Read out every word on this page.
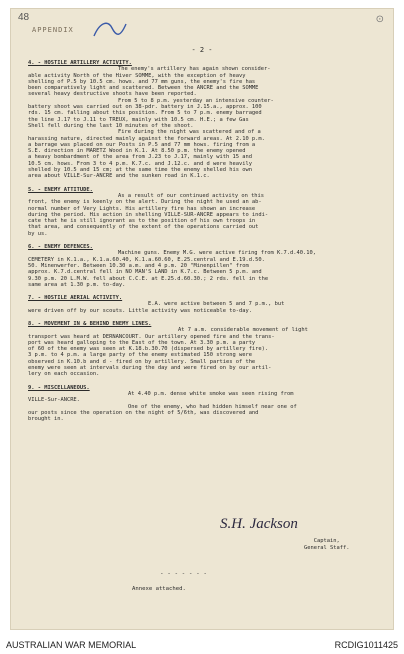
48
APPENDIX
⊙
- 2 -
4. - HOSTILE ARTILLERY ACTIVITY.
The enemy's artillery has again shown consider-
able activity North of the Hiver SOMME, with the exception of heavy
shelling of P.5 by 10.5 cm. hows. and 77 mm guns, the enemy's fire has
been comparatively light and scattered. Between the ANCRE and the SOMME
several heavy destructive shoots have been reported.
From 5 to 8 p.m. yesterday an intensive counter-
battery shoot was carried out on 38-pdr. battery in J.15.a., approx. 100
rds. 15 cm. falling about this position. From 5 to 7 p.m. enemy barraged
the line J.17 to J.11 to TREUX, mainly with 10.5 cm. H.E.; a few Gas
Shell fell during the last 10 minutes of the shoot.
Fire during the night was scattered and of a
harassing nature, directed mainly against the forward areas. At 2.10 p.m.
a barrage was placed on our Posts in P.5 and 77 mm hows. firing from a
S.E. direction in MARETZ Wood in K.1. At 8.50 p.m. the enemy opened
a heavy bombardment of the area from J.23 to J.17, mainly with 15 and
10.5 cm. hows. From 3 to 4 p.m. K.7.c. and J.12.c. and d were heavily
shelled by 10.5 and 15 cm; at the same time the enemy shelled his own
area about VILLE-Sur-ANCRE and the sunken road in K.1.c.
5. - ENEMY ATTITUDE.
As a result of our continued activity on this
front, the enemy is keenly on the alert. During the night he used an ab-
normal number of Very Lights. His artillery fire has shown an increase
during the period. His action in shelling VILLE-SUR-ANCRE appears to indi-
cate that he is still ignorant as to the position of his own troops in
that area, and consequently of the extent of the operations carried out
by us.
6. - ENEMY DEFENCES.
Machine guns. Enemy M.G. were active firing from K.7.d.40.10,
CEMETERY in K.1.a., K.1.a.60.40, K.1.a.60.60, E.25.central and E.19.d.50.
50. Minenwerfer. Between 10.30 a.m. and 4 p.m. 20 "Minenpillen" from
approx. K.7.d.central fell in NO MAN'S LAND in K.7.c. Between 5 p.m. and
9.30 p.m. 20 L.M.W. fell about C.C.E. at E.25.d.60.30.; 2 rds. fell in the
same area at 1.30 p.m. to-day.
7. - HOSTILE AERIAL ACTIVITY.
E.A. were active between 5 and 7 p.m., but
were driven off by our scouts. Little activity was noticeable to-day.
8. - MOVEMENT IN & BEHIND ENEMY LINES.
At 7 a.m. considerable movement of light
transport was heard at DERNANCOURT. Our artillery opened fire and the trans-
port was heard galloping to the East of the town. At 3.30 p.m. a party
of 60 of the enemy was seen at K.18.b.30.70 (dispersed by artillery fire).
3 p.m. to 4 p.m. a large party of the enemy estimated 150 strong were
observed in K.10.b and d - fired on by artillery. Small parties of the
enemy were seen at intervals during the day and were fired on by our artil-
lery on each occasion.
9. - MISCELLANEOUS.
At 4.40 p.m. dense white smoke was seen rising from
VILLE-Sur-ANCRE.
One of the enemy, who had hidden himself near one of
our posts since the operation on the night of 5/6th, was discovered and
brought in.
S.H. Jackson
Captain,
General Staff.
- - - - - - -
Annexe attached.
AUSTRALIAN WAR MEMORIAL	RCDIG1011425
